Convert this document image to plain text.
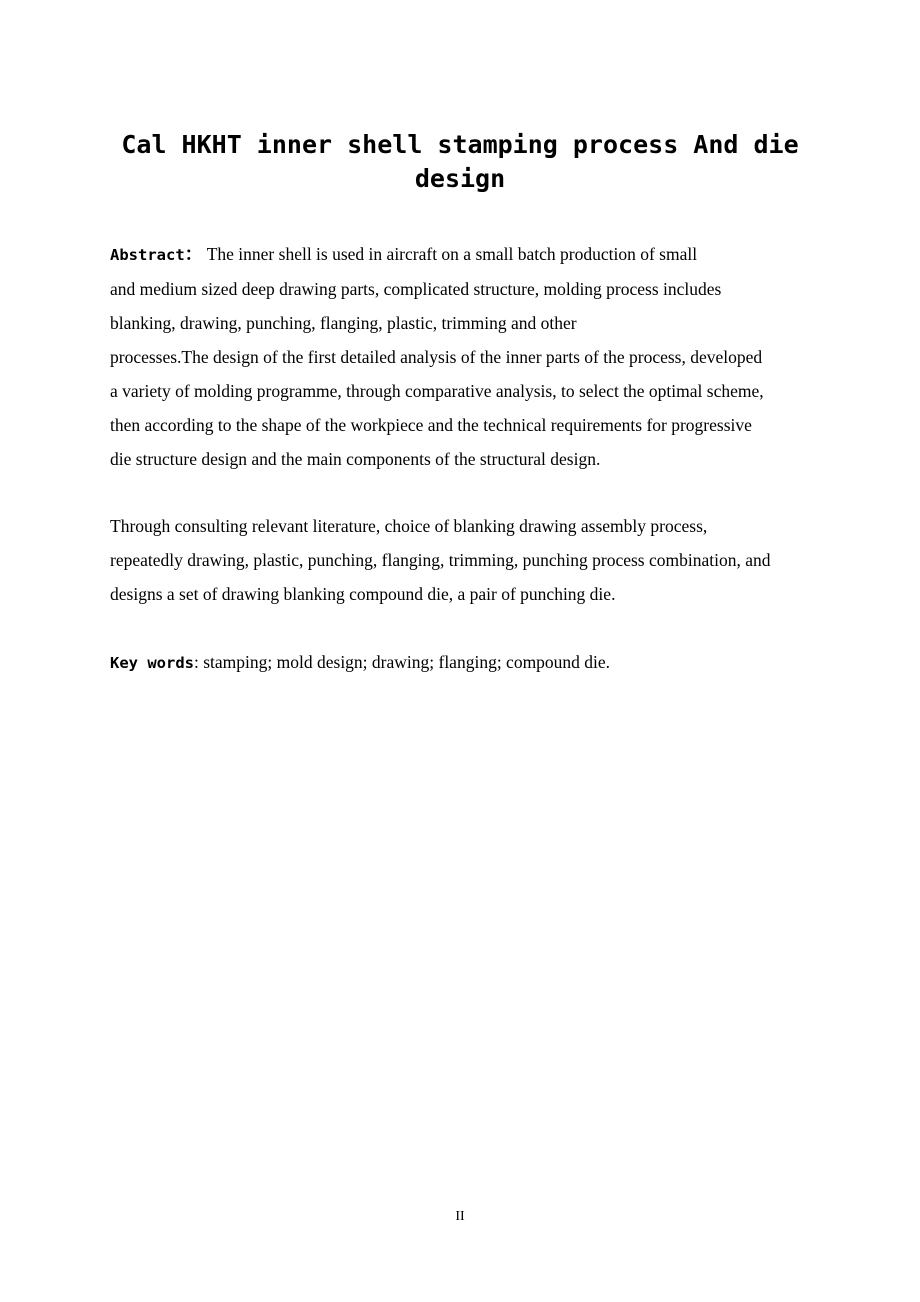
Cal HKHT inner shell stamping process And die
design
Abstract： The inner shell is used in aircraft on a small batch production of small
and medium sized deep drawing parts, complicated structure, molding process includes
blanking, drawing, punching, flanging, plastic, trimming and other
processes.The design of the first detailed analysis of the inner parts of the process, developed
a variety of molding programme, through comparative analysis, to select the optimal scheme,
then according to the shape of the workpiece and the technical requirements for progressive
die structure design and the main components of the structural design.
Through consulting relevant literature, choice of blanking drawing assembly process,
repeatedly drawing, plastic, punching, flanging, trimming, punching process combination, and
designs a set of drawing blanking compound die, a pair of punching die.
Key words: stamping; mold design; drawing; flanging; compound die.
II
